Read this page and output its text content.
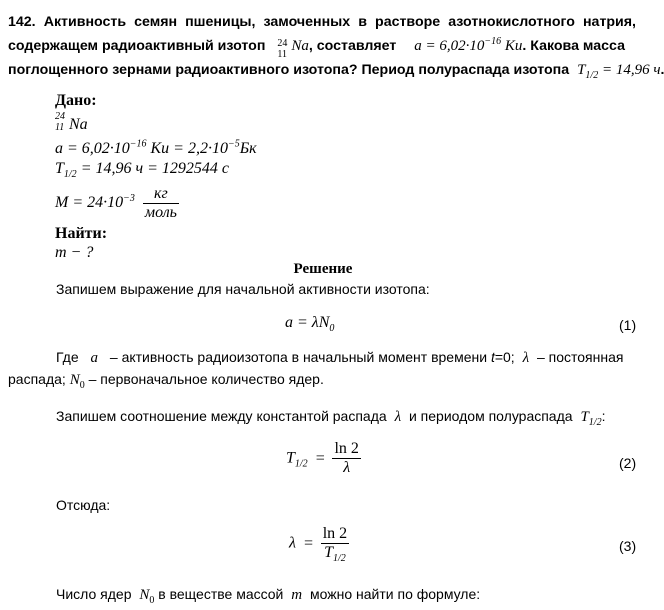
142. Активность семян пшеницы, замоченных в растворе азотнокислотного натрия,
содержащем радиоактивный изотоп 24
11
Na, составляет $a = 6,02\cdot 10^{-16}$ Ки. Какова масса
поглощенного зернами радиоактивного изотопа? Период полураспада изотопа $T_{1/2} = 14,96$ ч
Дано:
24
11 Na
$a = 6,02\cdot 10^{-16}$ Ки = $2,2\cdot 10^{-5}Бк$
$T_{1/2} = 14,96$ ч = 1292544 с
$M = 24\cdot 10^{-3} \frac{кг}{\text{моль}}$
Найти:
m − ?
Решение
Запишем выражение для начальной активности изотопа:
$a = \lambda N_0$	(1)
Где a – активность радиоизотопа в начальный момент времени t=0; λ – постоянная
распада; $N_0$ – первоначальное количество ядер.
Запишем соотношение между константой распада λ и периодом полураспада $T_{1/2}$:
$T_{1/2} = \frac{\ln 2}{\lambda}$	(2)
Отсюда:
$\lambda = \frac{\ln 2}{T_{1/2}}$	(3)
Число ядер $N_0$ в веществе массой m можно найти по формуле:
